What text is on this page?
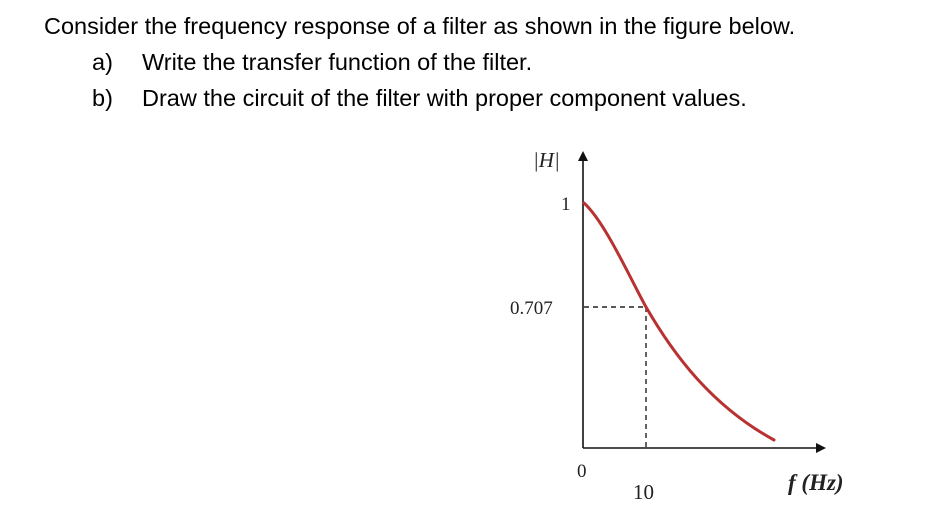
Consider the frequency response of a filter as shown in the figure below.

a)	Write the transfer function of the filter.

b)	Draw the circuit of the filter with proper component values.

|H|
1
0.707
0
10	f (Hz)
